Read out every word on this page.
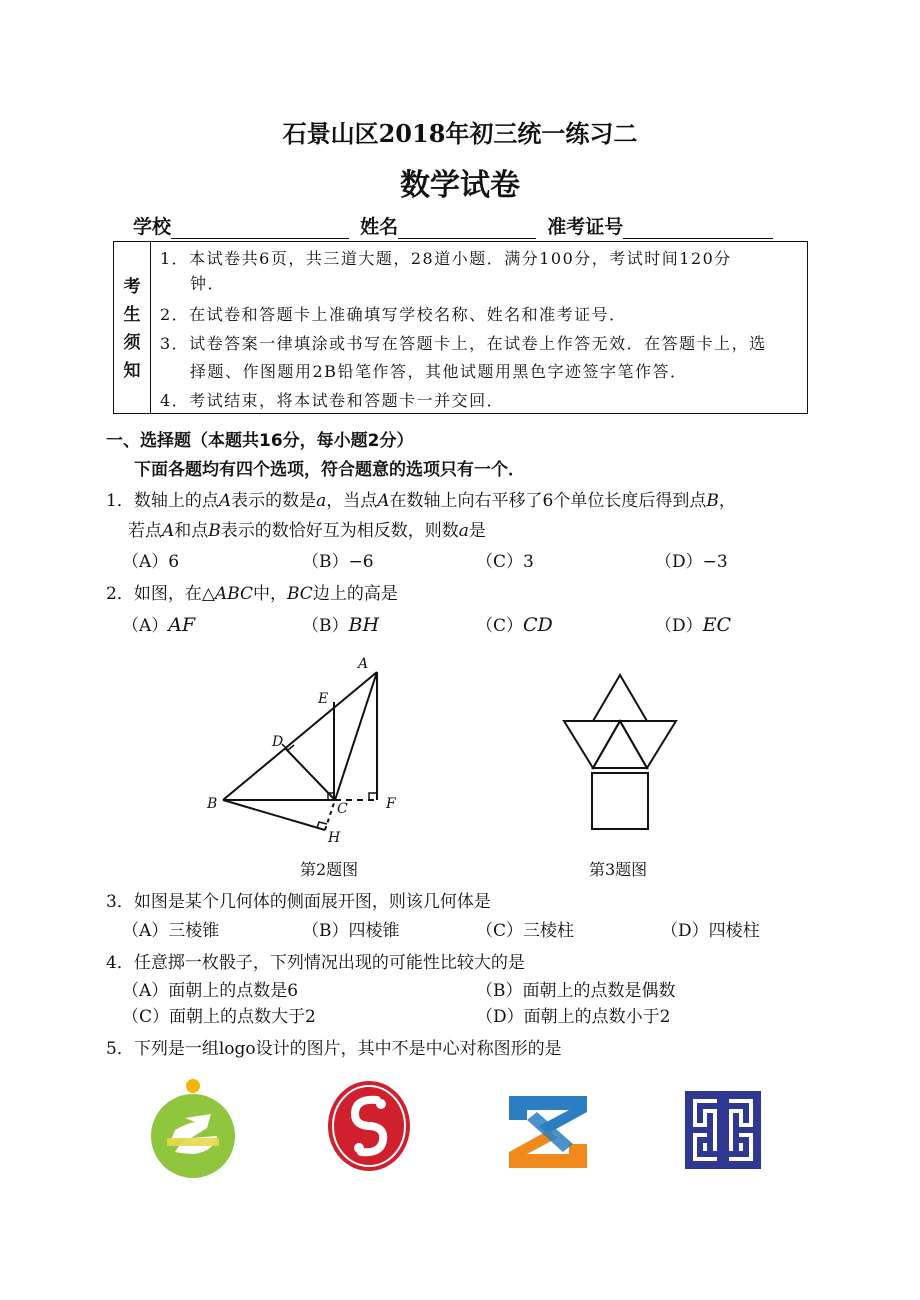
石景山区2018年初三统一练习二
数学试卷
学校	姓名	准考证号
考
生
须
知
1．本试卷共6页，共三道大题，28道小题．满分100分，考试时间120分
钟．
2．在试卷和答题卡上准确填写学校名称、姓名和准考证号．
3．试卷答案一律填涂或书写在答题卡上，在试卷上作答无效．在答题卡上，选
择题、作图题用2B铅笔作答，其他试题用黑色字迹签字笔作答．
4．考试结束，将本试卷和答题卡一并交回．
一、选择题（本题共16分，每小题2分）
下面各题均有四个选项，符合题意的选项只有一个．
1．数轴上的点A表示的数是a，当点A在数轴上向右平移了6个单位长度后得到点B，
若点A和点B表示的数恰好互为相反数，则数a是
（A）6	（B）−6	（C）3	（D）−3
2．如图，在△ABC中，BC边上的高是
（A）AF	（B）BH	（C）CD	（D）EC
A
B	C
D
E
F
H
第2题图	第3题图
3．如图是某个几何体的侧面展开图，则该几何体是
（A）三棱锥	（B）四棱锥	（C）三棱柱	（D）四棱柱
4．任意掷一枚骰子，下列情况出现的可能性比较大的是
（A）面朝上的点数是6	（B）面朝上的点数是偶数
（C）面朝上的点数大于2	（D）面朝上的点数小于2
5．下列是一组logo设计的图片，其中不是中心对称图形的是
